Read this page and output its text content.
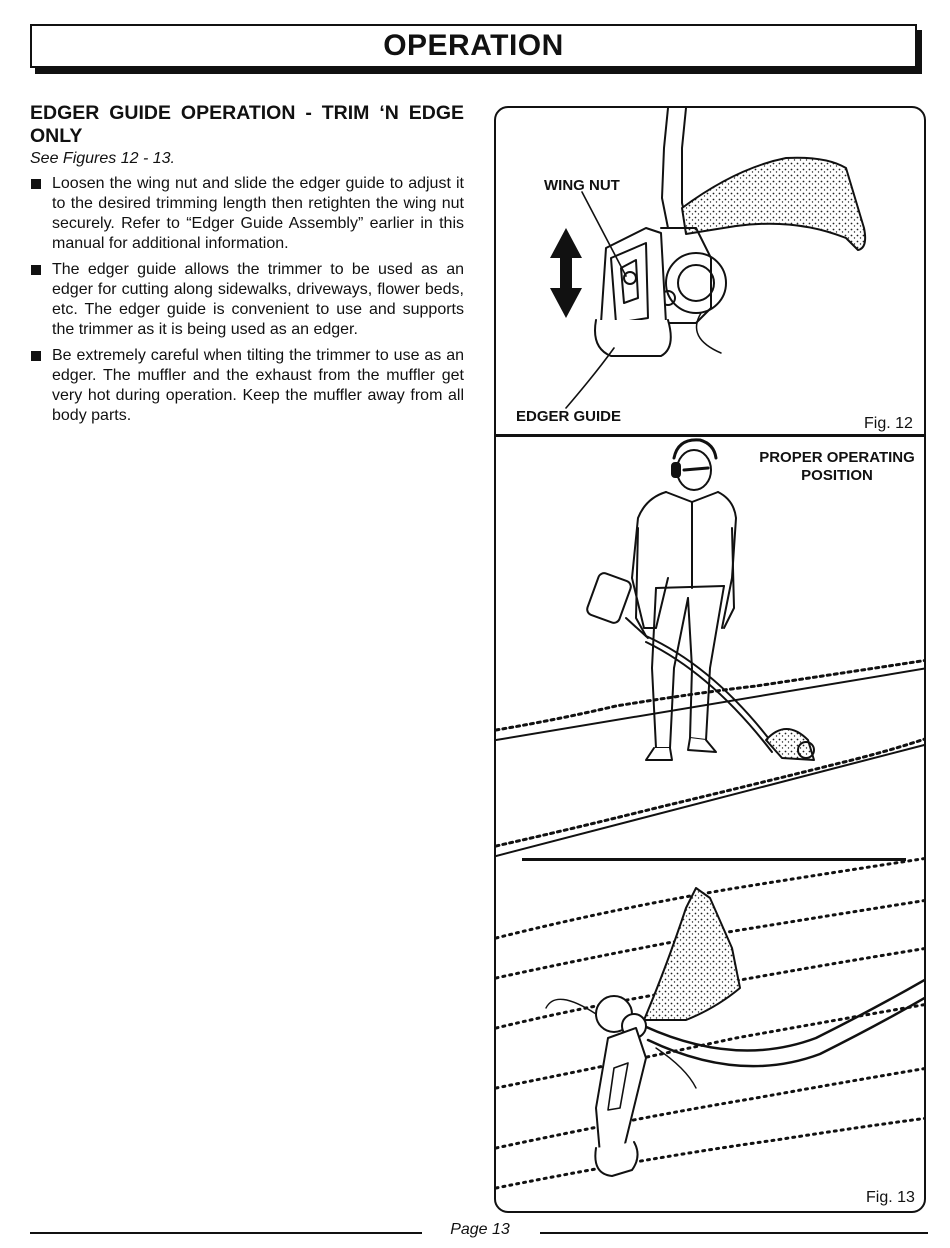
OPERATION
EDGER GUIDE OPERATION - TRIM ‘N EDGE ONLY

See Figures 12 - 13.

Loosen the wing nut and slide the edger guide to adjust it to the desired trimming length then retighten the wing nut securely. Refer to “Edger Guide Assembly” earlier in this manual for additional information.
The edger guide allows the trimmer to be used as an edger for cutting along sidewalks, driveways, flower beds, etc. The edger guide is convenient to use and supports the trimmer as it is being used as an edger.
Be extremely careful when tilting the trimmer to use as an edger. The muffler and the exhaust from the muffler get very hot during operation. Keep the muffler away from all body parts.
WING NUT
EDGER GUIDE	Fig. 12
PROPER OPERATING
POSITION
Fig. 13
Page 13
